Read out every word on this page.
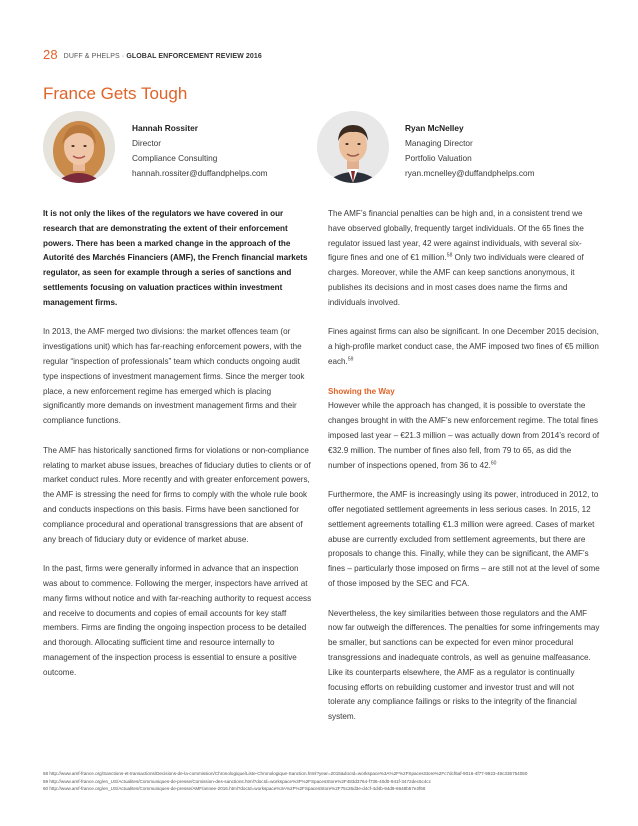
28 DUFF & PHELPS · GLOBAL ENFORCEMENT REVIEW 2016
France Gets Tough
Hannah Rossiter
Director
Compliance Consulting
hannah.rossiter@duffandphelps.com
Ryan McNelley
Managing Director
Portfolio Valuation
ryan.mcnelley@duffandphelps.com

It is not only the likes of the regulators we have covered in our research that are demonstrating the extent of their enforcement powers. There has been a marked change in the approach of the Autorité des Marchés Financiers (AMF), the French financial markets regulator, as seen for example through a series of sanctions and settlements focusing on valuation practices within investment management firms.

In 2013, the AMF merged two divisions: the market offences team (or investigations unit) which has far-reaching enforcement powers, with the regular “inspection of professionals” team which conducts ongoing audit type inspections of investment management firms. Since the merger took place, a new enforcement regime has emerged which is placing significantly more demands on investment management firms and their compliance functions.

The AMF has historically sanctioned firms for violations or non-compliance relating to market abuse issues, breaches of fiduciary duties to clients or of market conduct rules. More recently and with greater enforcement powers, the AMF is stressing the need for firms to comply with the whole rule book and conducts inspections on this basis. Firms have been sanctioned for compliance procedural and operational transgressions that are absent of any breach of fiduciary duty or evidence of market abuse.

In the past, firms were generally informed in advance that an inspection was about to commence. Following the merger, inspectors have arrived at many firms without notice and with far-reaching authority to request access and receive to documents and copies of email accounts for key staff members. Firms are finding the ongoing inspection process to be detailed and thorough. Allocating sufficient time and resource internally to management of the inspection process is essential to ensure a positive outcome.

The AMF’s financial penalties can be high and, in a consistent trend we have observed globally, frequently target individuals. Of the 65 fines the regulator issued last year, 42 were against individuals, with several six-figure fines and one of €1 million.$^{58}$ Only two individuals were cleared of charges. Moreover, while the AMF can keep sanctions anonymous, it publishes its decisions and in most cases does name the firms and individuals involved.

Fines against firms can also be significant. In one December 2015 decision, a high-profile market conduct case, the AMF imposed two fines of €5 million each.$^{59}$

Showing the Way
However while the approach has changed, it is possible to overstate the changes brought in with the AMF’s new enforcement regime. The total fines imposed last year – €21.3 million – was actually down from 2014’s record of €32.9 million. The number of fines also fell, from 79 to 65, as did the number of inspections opened, from 36 to 42.60

Furthermore, the AMF is increasingly using its power, introduced in 2012, to offer negotiated settlement agreements in less serious cases. In 2015, 12 settlement agreements totalling €1.3 million were agreed. Cases of market abuse are currently excluded from settlement agreements, but there are proposals to change this. Finally, while they can be significant, the AMF’s fines – particularly those imposed on firms – are still not at the level of some of those imposed by the SEC and FCA.

Nevertheless, the key similarities between those regulators and the AMF now far outweigh the differences. The penalties for some infringements may be smaller, but sanctions can be expected for even minor procedural transgressions and inadequate controls, as well as genuine malfeasance. Like its counterparts elsewhere, the AMF as a regulator is continually focusing efforts on rebuilding customer and investor trust and will not tolerate any compliance failings or risks to the integrity of the financial system.

58 http://www.amf-france.org/Sanctions-et-transactions/Decisions-de-la-commission/Chronologique/Liste-Chronologique-Sanction.html?year=2015&docId=workspace%3A%2F%2FSpacesStore%2Fc7dcf6af-9016-4f77-9923-49c336754050
59 http://www.amf-france.org/en_US/Actualites/Communiques-de-presse/Comission-des-sanctions.html?docId=workspace%3F%2FSpacesStore%2F483d3764-f736-40d0-941f-3472dec5c4cc
60 http://www.amf-france.org/en_US/Actualites/Communiques-de-presse/AMF/annee-2016.html?docId=workspace%3A%2F%2FSpacesStore%2F75c26d3e-d4cf-4d4b-94d9-6648b57e2f66
